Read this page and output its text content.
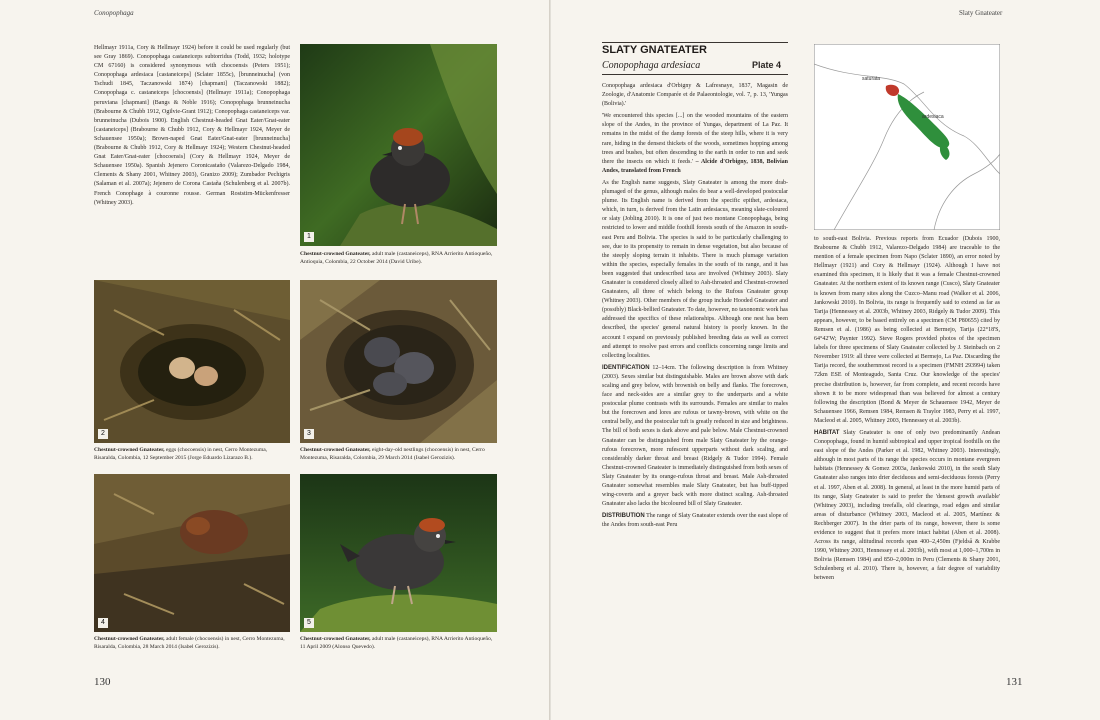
Conopophaga
Hellmayr 1911a, Cory & Hellmayr 1924) before it could be used regularly (but see Gray 1869). Conopophaga castaneiceps subtorridus (Todd, 1932; holotype CM 67160) is considered synonymous with chocoensis (Peters 1951); Conopophaga ardesiaca [castaneiceps] (Sclater 1855c), [brunneinucha] (von Tschudi 1845, Taczanowski 1874) [chapmani] (Taczanowski 1882); Conopophaga c. castaneiceps [chocoensis] (Hellmayr 1911a); Conopophaga peruviana [chapmani] (Bangs & Noble 1916); Conopophaga brunneinucha (Brabourne & Chubb 1912, Ogilvie-Grant 1912); Conopophaga castaneiceps var. brunneinucha (Dubois 1900). English Chestnut-headed Gnat Eater/Gnat-eater [castaneiceps] (Brabourne & Chubb 1912, Cory & Hellmayr 1924, Meyer de Schauensee 1950a); Brown-naped Gnat Eater/Gnat-eater [brunneinucha] (Brabourne & Chubb 1912, Cory & Hellmayr 1924); Western Chestnut-headed Gnat Eater/Gnat-eater [chocoensis] (Cory & Hellmayr 1924, Meyer de Schauensee 1950a). Spanish Jejenero Coronicastaño (Valarezo-Delgado 1984, Clements & Shany 2001, Whitney 2003), Granizo 2009); Zumbador Pechigris (Salaman et al. 2007a); Jejenero de Corona Castaña (Schulenberg et al. 2007b). French Conophage à couronne rousse. German Roststirn-Mückenfresser (Whitney 2003).
1
Chestnut-crowned Gnateater, adult male (castaneiceps), RNA Arrierito Antioqueño, Antioquia, Colombia, 22 October 2014 (David Uribe).
2
Chestnut-crowned Gnateater, eggs (chocoensis) in nest, Cerro Montezuma, Risaralda, Colombia, 12 September 2015 (Jorge Eduardo Lizarazo B.).
3
Chestnut-crowned Gnateater, eight-day-old nestlings (chocoensis) in nest, Cerro Montezuma, Risaralda, Colombia, 29 March 2014 (Isabel Gerozizis).
4
Chestnut-crowned Gnateater, adult female (chocoensis) in nest, Cerro Montezuma, Risaralda, Colombia, 28 March 2014 (Isabel Gerozizis).
5
Chestnut-crowned Gnateater, adult male (castaneiceps), RNA Arrierito Antioqueño, 11 April 2009 (Alonso Quevedo).
130
Slaty Gnateater
131
SLATY GNATEATER
Conopophaga ardesiaca	Plate 4
saturata
ardesiaca

Conopophaga ardesiaca d'Orbigny & Lafresnaye, 1837, Magasin de Zoologie, d'Anatomie Comparée et de Palaeontologie, vol. 7, p. 13, 'Yungas (Bolivia).'

'We encountered this species [...] on the wooded mountains of the eastern slope of the Andes, in the province of Yungas, department of La Paz. It remains in the midst of the damp forests of the steep hills, where it is very rare, hiding in the densest thickets of the woods, sometimes hopping among trees and bushes, but often descending to the earth in order to run and seek there the insects on which it feeds.' – Alcide d'Orbigny, 1838, Bolivian Andes, translated from French

As the English name suggests, Slaty Gnateater is among the more drab-plumaged of the genus, although males do bear a well-developed postocular plume. Its English name is derived from the specific epithet, ardesiaca, which, in turn, is derived from the Latin ardesiacus, meaning slate-coloured or slaty (Jobling 2010). It is one of just two montane Conopophaga, being restricted to lower and middle foothill forests south of the Amazon in south-east Peru and Bolivia. The species is said to be particularly challenging to see, due to its propensity to remain in dense vegetation, but also because of the steeply sloping terrain it inhabits. There is much plumage variation within the species, especially females in the south of its range, and it has been suggested that undescribed taxa are involved (Whitney 2003). Slaty Gnateater is considered closely allied to Ash-throated and Chestnut-crowned Gnateaters, all three of which belong to the Rufous Gnateater group (Whitney 2003). Other members of the group include Hooded Gnateater and (possibly) Black-bellied Gnateater. To date, however, no taxonomic work has addressed the specifics of these relationships. Although one nest has been described, the species' general natural history is poorly known. In the account I expand on previously published breeding data as well as correct and attempt to resolve past errors and conflicts concerning range limits and collecting localities.

IDENTIFICATION 12–14cm. The following description is from Whitney (2003). Sexes similar but distinguishable. Males are brown above with dark scaling and grey below, with brownish on belly and flanks. The forecrown, face and neck-sides are a similar grey to the underparts and a white postocular plume contrasts with its surrounds. Females are similar to males but the forecrown and lores are rufous or tawny-brown, with white on the central belly, and the postocular tuft is greatly reduced in size and brightness. The bill of both sexes is dark above and pale below. Male Chestnut-crowned Gnateater can be distinguished from male Slaty Gnateater by the orange-rufous forecrown, more rufescent upperparts without dark scaling, and considerably darker throat and breast (Ridgely & Tudor 1994). Female Chestnut-crowned Gnateater is immediately distinguished from both sexes of Slaty Gnateater by its orange-rufous throat and breast. Male Ash-throated Gnateater somewhat resembles male Slaty Gnateater, but has buff-tipped wing-coverts and a greyer back with more distinct scaling. Ash-throated Gnateater also lacks the bicoloured bill of Slaty Gnateater.

DISTRIBUTION The range of Slaty Gnateater extends over the east slope of the Andes from south-east Peru

to south-east Bolivia. Previous reports from Ecuador (Dubois 1900, Brabourne & Chubb 1912, Valarezo-Delgado 1984) are traceable to the mention of a female specimen from Napo (Sclater 1890), an error noted by Hellmayr (1921) and Cory & Hellmayr (1924). Although I have not examined this specimen, it is likely that it was a female Chestnut-crowned Gnateater. At the northern extent of its known range (Cusco), Slaty Gnateater is known from many sites along the Cuzco–Manu road (Walker et al. 2006, Jankowski 2010). In Bolivia, its range is frequently said to extend as far as Tarija (Hennessey et al. 2003b, Whitney 2003, Ridgely & Tudor 2009). This appears, however, to be based entirely on a specimen (CM P80655) cited by Remsen et al. (1986) as being collected at Bermejo, Tarija (22°18'S, 64°42'W; Paynter 1992). Steve Rogers provided photos of the specimen labels for three specimens of Slaty Gnateater collected by J. Steinbach on 2 November 1919: all three were collected at Bermejo, La Paz. Discarding the Tarija record, the southernmost record is a specimen (FMNH 293994) taken 72km ESE of Monteagudo, Santa Cruz. Our knowledge of the species' precise distribution is, however, far from complete, and recent records have shown it to be more widespread than was believed for almost a century following the description (Bond & Meyer de Schauensee 1942, Meyer de Schauensee 1966, Remsen 1984, Remsen & Traylor 1983, Perry et al. 1997, Macleod et al. 2005, Whitney 2003, Hennessey et al. 2003b).

HABITAT Slaty Gnateater is one of only two predominantly Andean Conopophaga, found in humid subtropical and upper tropical foothills on the east slope of the Andes (Parker et al. 1982, Whitney 2003). Interestingly, although in most parts of its range the species occurs in montane evergreen habitats (Hennessey & Gomez 2003a, Jankowski 2010), in the south Slaty Gnateater also ranges into drier deciduous and semi-deciduous forests (Perry et al. 1997, Aben et al. 2008). In general, at least in the more humid parts of its range, Slaty Gnateater is said to prefer the 'densest growth available' (Whitney 2003), including treefalls, old clearings, road edges and similar areas of disturbance (Whitney 2003, Macleod et al. 2005, Martínez & Rechberger 2007). In the drier parts of its range, however, there is some evidence to suggest that it prefers more intact habitat (Aben et al. 2008). Across its range, altitudinal records span 400–2,450m (Fjeldså & Krabbe 1990, Whitney 2003, Hennessey et al. 2003b), with most at 1,000–1,700m in Bolivia (Remsen 1984) and 850–2,000m in Peru (Clements & Shany 2001, Schulenberg et al. 2010). There is, however, a fair degree of variability between
